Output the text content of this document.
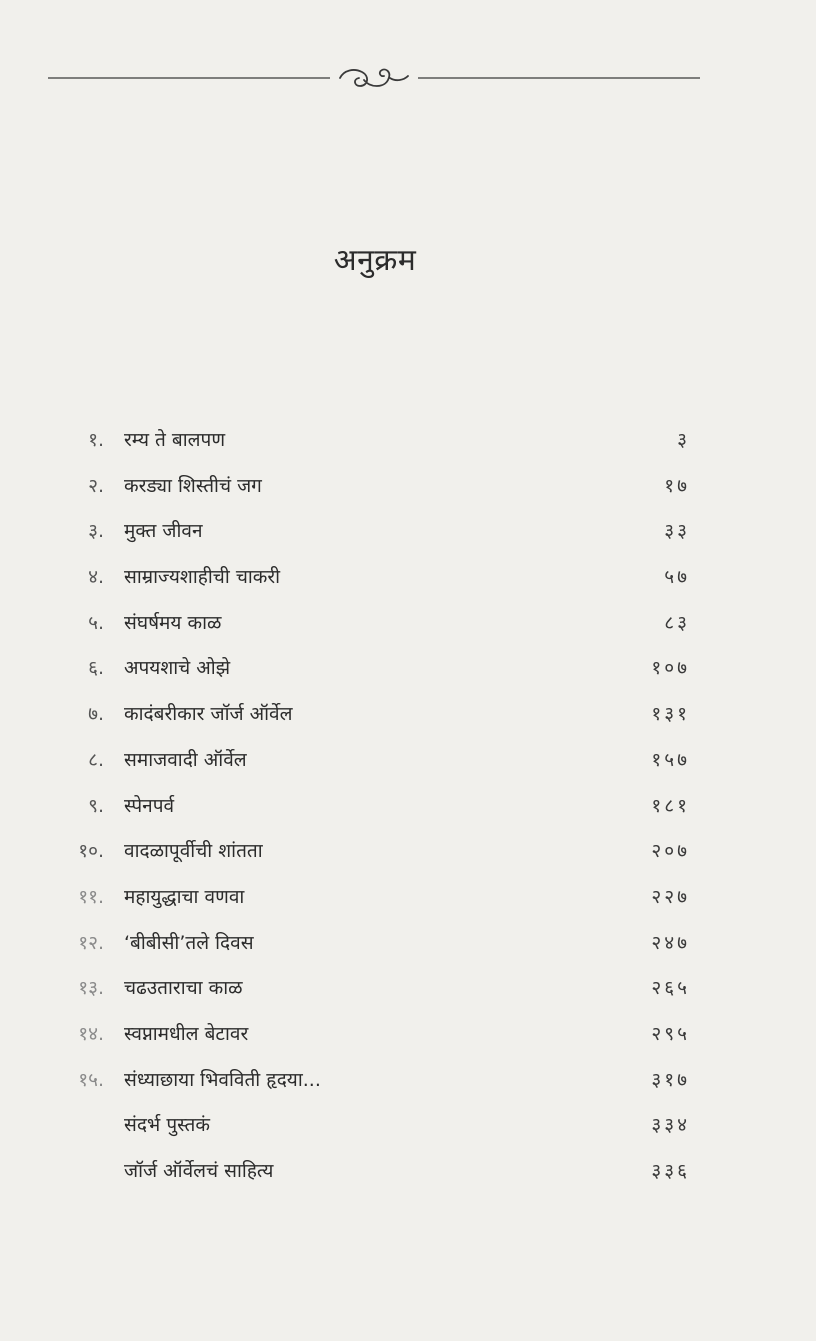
अनुक्रम
१. रम्य ते बालपण	३
२. करड्या शिस्तीचं जग	१७
३. मुक्त जीवन	३३
४. साम्राज्यशाहीची चाकरी	५७
५. संघर्षमय काळ	८३
६. अपयशाचे ओझे	१०७
७. कादंबरीकार जॉर्ज ऑर्वेल	१३१
८. समाजवादी ऑर्वेल	१५७
९. स्पेनपर्व	१८१
१०. वादळापूर्वीची शांतता	२०७
११. महायुद्धाचा वणवा	२२७
१२. ‘बीबीसी’तले दिवस	२४७
१३. चढउताराचा काळ	२६५
१४. स्वप्नामधील बेटावर	२९५
१५. संध्याछाया भिवविती हृदया...	३१७
संदर्भ पुस्तकं	३३४
जॉर्ज ऑर्वेलचं साहित्य	३३६
